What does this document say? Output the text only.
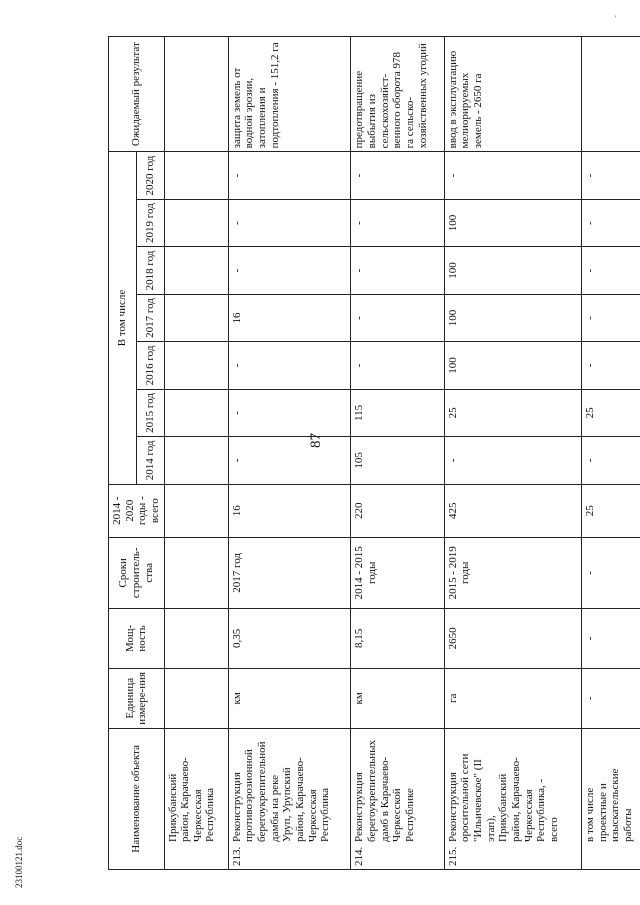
'
87
Наименование объекта	Единица измере-ния	Мощ-ность	Сроки строитель-ства	2014 - 2020 годы - всего	В том числе							Ожидаемый результат
					2014 год	2015 год	2016 год	2017 год	2018 год	2019 год	2020 год	
Прикубанский район, Карачаево-Черкесская Республика												
213.Реконструкция противоэрозионной берегоукрепительной дамбы на реке Уруп, Урупский район, Карачаево-Черкесская Республика	км	0,35	2017 год	16	-	-	-	16	-	-	-	защита земель от водной эрозии, затопления и подтопления - 151,2 га
214.Реконструкция берегоукрепительных дамб в Карачаево-Черкесской Республике	км	8,15	2014 - 2015 годы	220	105	115	-	-	-	-	-	предотвращение выбытия из сельскохозяйст-венного оборота 978 га сельско-хозяйственных угодий
215.Реконструкция оросительной сети "Ильичевское" (II этап), Прикубанский район, Карачаево-Черкесская Республика, - всего	га	2650	2015 - 2019 годы	425	-	25	100	100	100	100	-	ввод в эксплуатацию мелиорируемых земель - 2650 га
в том числе проектные и изыскательские работы	-	-	-	25	-	25	-	-	-	-	-	
23100121.doc
